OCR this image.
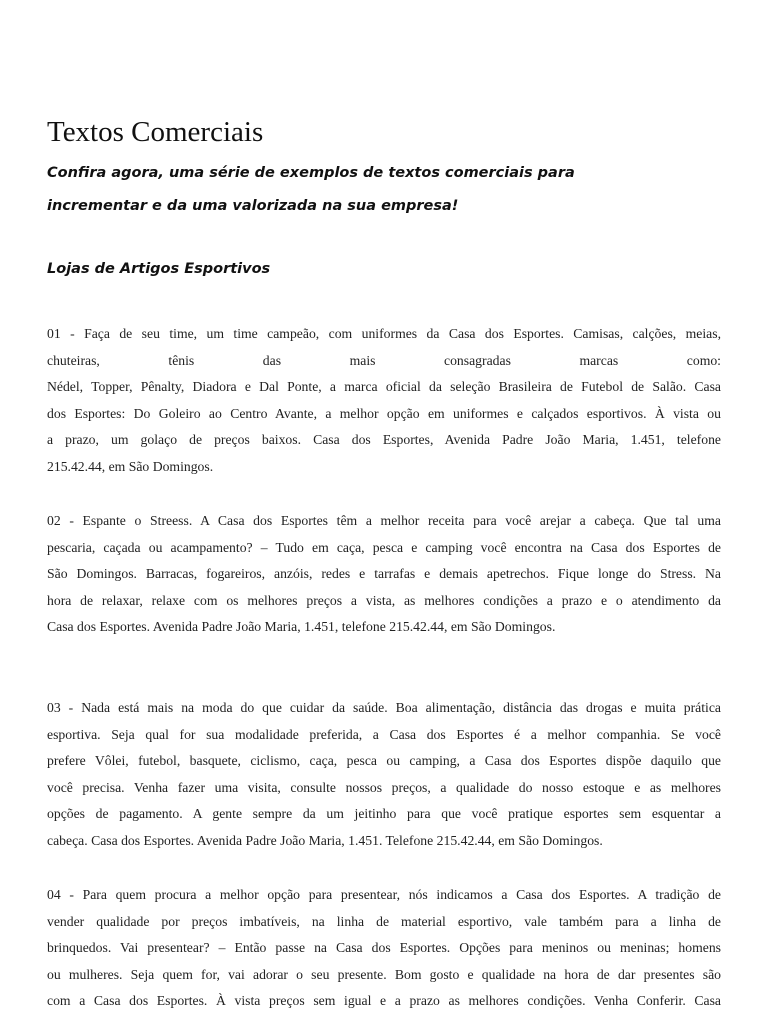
Textos Comerciais
Confira agora, uma série de exemplos de textos comerciais para
incrementar e da uma valorizada na sua empresa!
Lojas de Artigos Esportivos
01 - Faça de seu time, um time campeão, com uniformes da Casa dos Esportes. Camisas, calções, meias,
chuteiras, tênis das mais consagradas marcas como:
Nédel, Topper, Pênalty, Diadora e Dal Ponte, a marca oficial da seleção Brasileira de Futebol de Salão. Casa
dos Esportes: Do Goleiro ao Centro Avante, a melhor opção em uniformes e calçados esportivos. À vista ou
a prazo, um golaço de preços baixos. Casa dos Esportes, Avenida Padre João Maria, 1.451, telefone
215.42.44, em São Domingos.
02 - Espante o Streess. A Casa dos Esportes têm a melhor receita para você arejar a cabeça. Que tal uma
pescaria, caçada ou acampamento? – Tudo em caça, pesca e camping você encontra na Casa dos Esportes de
São Domingos. Barracas, fogareiros, anzóis, redes e tarrafas e demais apetrechos. Fique longe do Stress. Na
hora de relaxar, relaxe com os melhores preços a vista, as melhores condições a prazo e o atendimento da
Casa dos Esportes. Avenida Padre João Maria, 1.451, telefone 215.42.44, em São Domingos.
03 - Nada está mais na moda do que cuidar da saúde. Boa alimentação, distância das drogas e muita prática
esportiva. Seja qual for sua modalidade preferida, a Casa dos Esportes é a melhor companhia. Se você
prefere Vôlei, futebol, basquete, ciclismo, caça, pesca ou camping, a Casa dos Esportes dispõe daquilo que
você precisa. Venha fazer uma visita, consulte nossos preços, a qualidade do nosso estoque e as melhores
opções de pagamento. A gente sempre da um jeitinho para que você pratique esportes sem esquentar a
cabeça. Casa dos Esportes. Avenida Padre João Maria, 1.451. Telefone 215.42.44, em São Domingos.
04 - Para quem procura a melhor opção para presentear, nós indicamos a Casa dos Esportes. A tradição de
vender qualidade por preços imbatíveis, na linha de material esportivo, vale também para a linha de
brinquedos. Vai presentear? – Então passe na Casa dos Esportes. Opções para meninos ou meninas; homens
ou mulheres. Seja quem for, vai adorar o seu presente. Bom gosto e qualidade na hora de dar presentes são
com a Casa dos Esportes. À vista preços sem igual e a prazo as melhores condições. Venha Conferir. Casa
